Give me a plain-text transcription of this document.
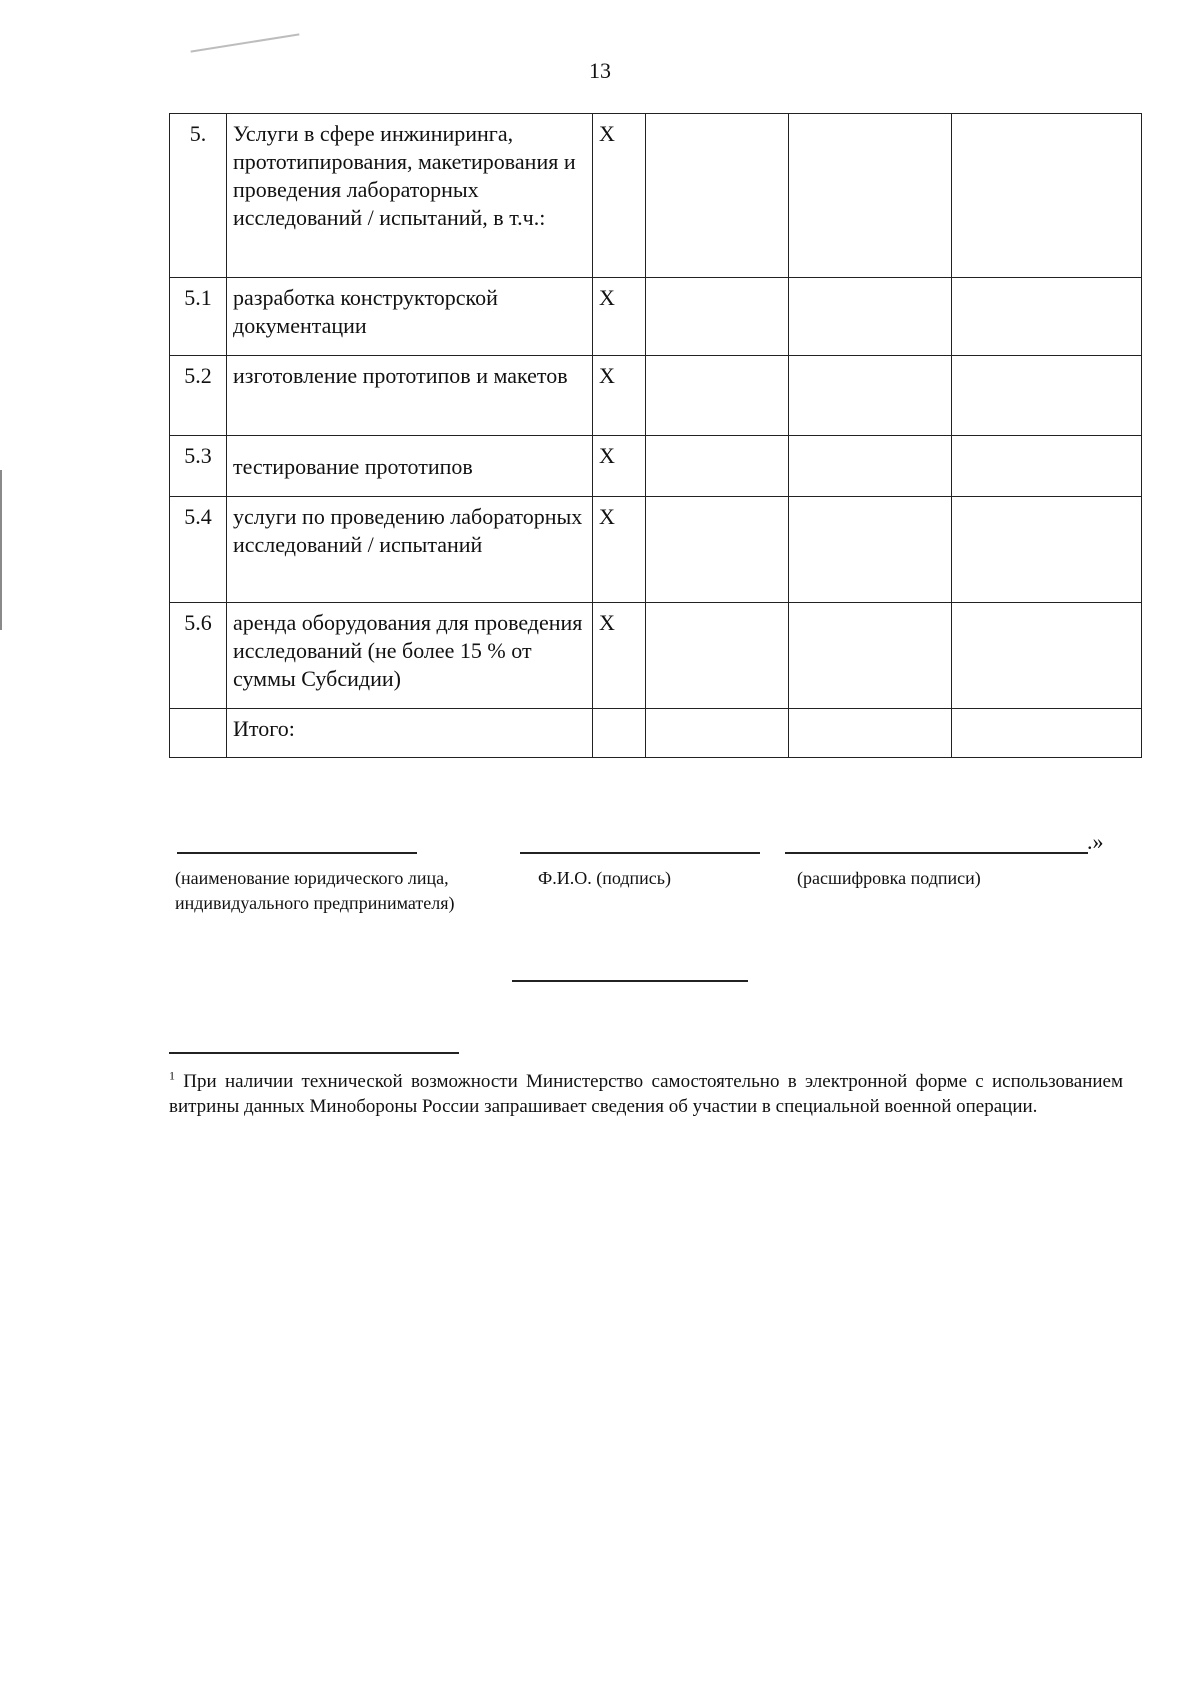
13
5.	Услуги в сфере инжиниринга, прототипирования, макетирования и проведения лабораторных исследований / испытаний, в т.ч.:	X			
5.1	разработка конструкторской документации	X			
5.2	изготовление прототипов и макетов	X			
5.3	тестирование прототипов	X			
5.4	услуги по проведению лабораторных исследований / испытаний	X			
5.6	аренда оборудования для проведения исследований (не более 15 % от суммы Субсидии)	X			
	Итого:				
.»
(наименование юридического лица,
индивидуального предпринимателя)
Ф.И.О. (подпись)	(расшифровка подписи)
$^1$ При наличии технической возможности Министерство самостоятельно в электронной форме с использованием витрины данных Минобороны России запрашивает сведения об участии в специальной военной операции.
